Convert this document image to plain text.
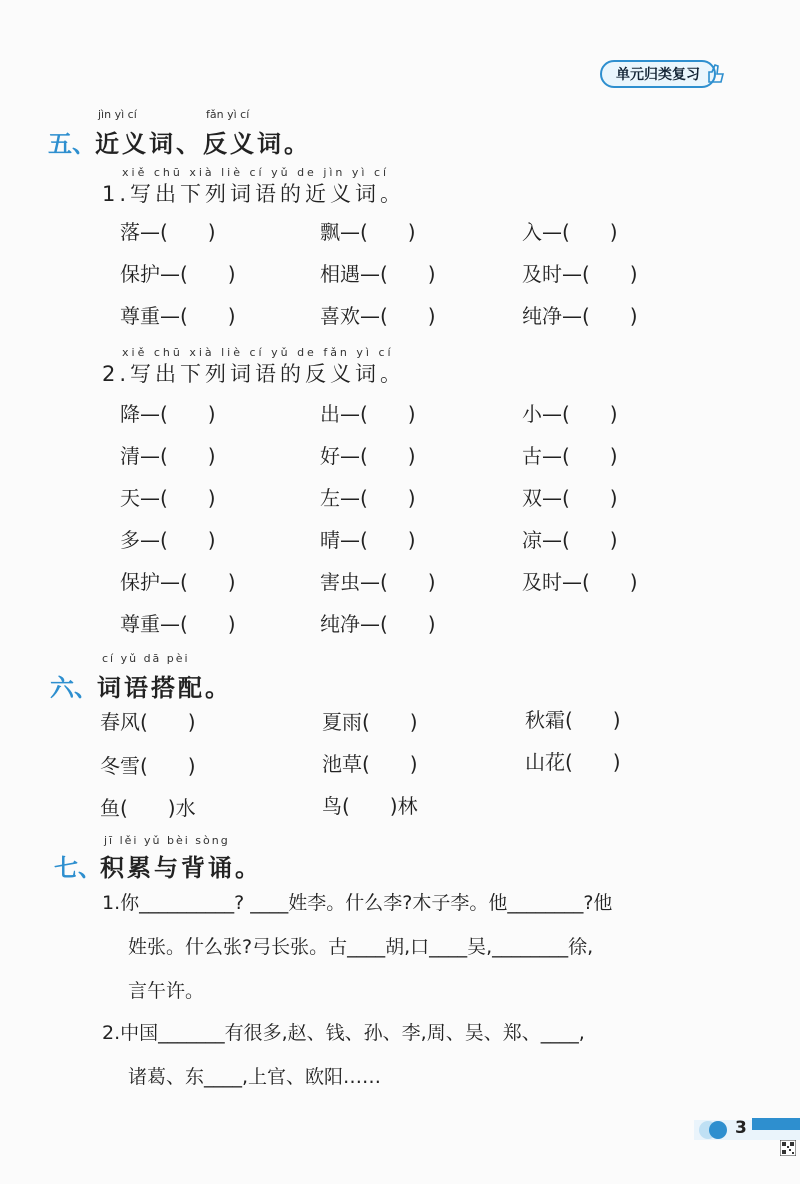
单元归类复习
jìn yì cí	fǎn yì cí
五、 近义词、反义词。
xiě chū xià liè cí yǔ de jìn yì cí
1.写出下列词语的近义词。
落—(　　)	飘—(　　)	入—(　　)
保护—(　　)	相遇—(　　)	及时—(　　)
尊重—(　　)	喜欢—(　　)	纯净—(　　)
xiě chū xià liè cí yǔ de fǎn yì cí
2.写出下列词语的反义词。
降—(　　)	出—(　　)	小—(　　)
清—(　　)	好—(　　)	古—(　　)
天—(　　)	左—(　　)	双—(　　)
多—(　　)	晴—(　　)	凉—(　　)
保护—(　　)	害虫—(　　)	及时—(　　)
尊重—(　　)	纯净—(　　)
cí yǔ dā pèi
六、 词语搭配。
春风(　　)	夏雨(　　)	秋霜(　　)
冬雪(　　)	池草(　　)	山花(　　)
鱼(　　)水	鸟(　　)林
jī lěi yǔ bèi sòng
七、
积累与背诵。
1.你__________? ____姓李。什么李?木子李。他________?他
姓张。什么张?弓长张。古____胡,口____吴,________徐,
言午许。
2.中国_______有很多,赵、钱、孙、李,周、吴、郑、____,
诸葛、东____,上官、欧阳……
3
